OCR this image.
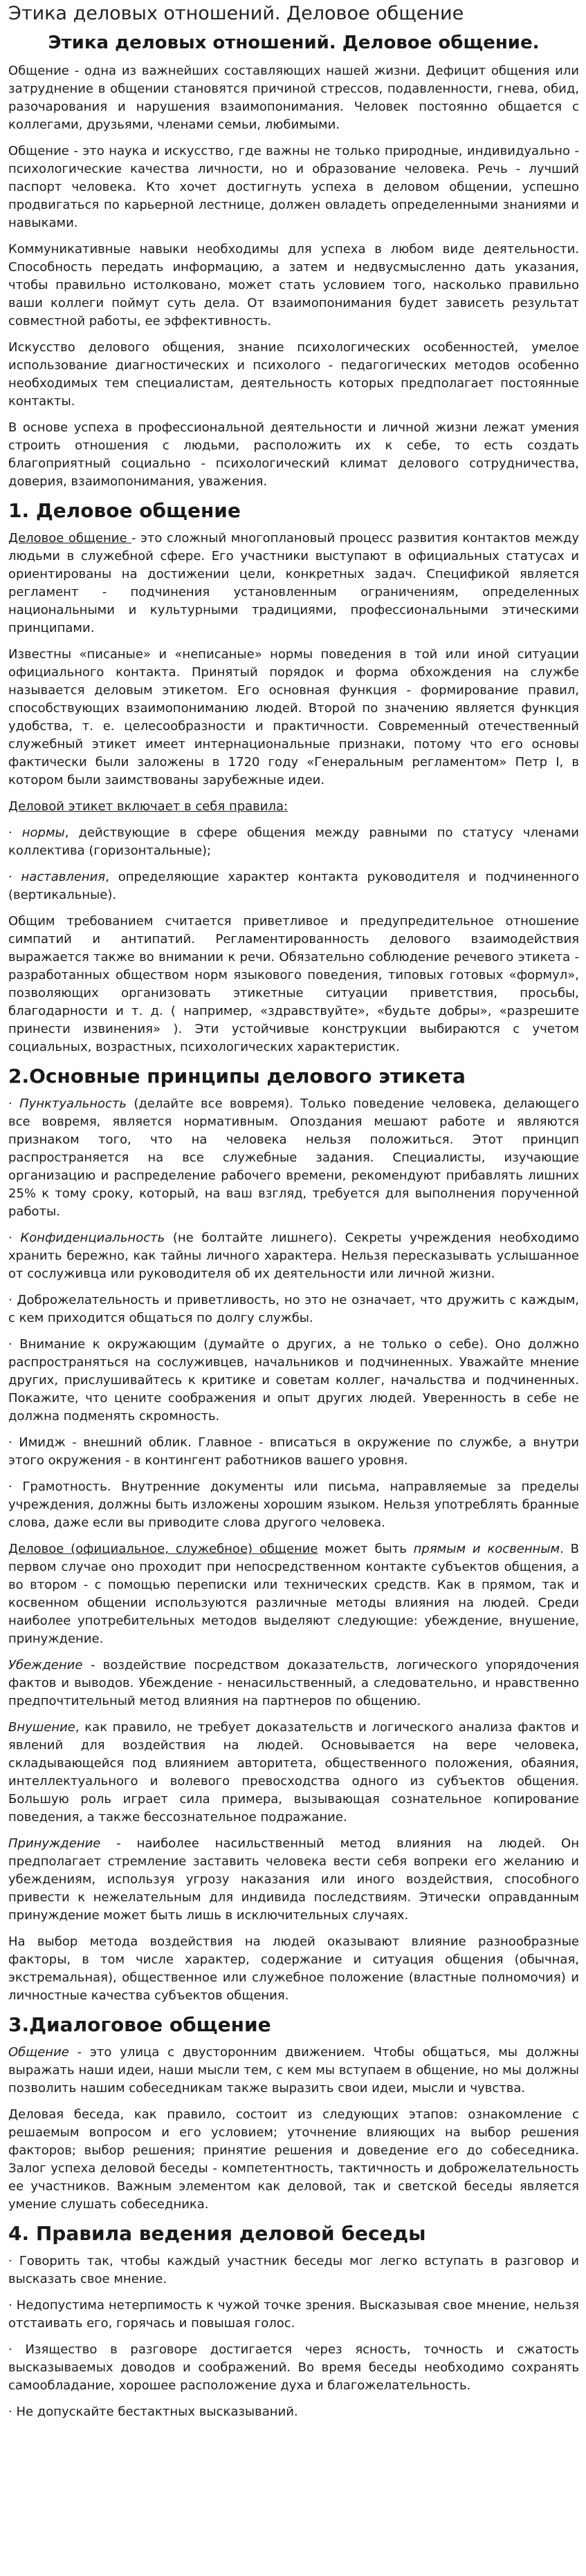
Этика деловых отношений. Деловое общение
Этика деловых отношений. Деловое общение.

Общение - одна из важнейших составляющих нашей жизни. Дефицит общения или затруднение в общении становятся причиной стрессов, подавленности, гнева, обид, разочарования и нарушения взаимопонимания. Человек постоянно общается с коллегами, друзьями, членами семьи, любимыми.

Общение - это наука и искусство, где важны не только природные, индивидуально - психологические качества личности, но и образование человека. Речь - лучший паспорт человека. Кто хочет достигнуть успеха в деловом общении, успешно продвигаться по карьерной лестнице, должен овладеть определенными знаниями и навыками.

Коммуникативные навыки необходимы для успеха в любом виде деятельности. Способность передать информацию, а затем и недвусмысленно дать указания, чтобы правильно истолковано, может стать условием того, насколько правильно ваши коллеги поймут суть дела. От взаимопонимания будет зависеть результат совместной работы, ее эффективность.

Искусство делового общения, знание психологических особенностей, умелое использование диагностических и психолого - педагогических методов особенно необходимых тем специалистам, деятельность которых предполагает постоянные контакты.

В основе успеха в профессиональной деятельности и личной жизни лежат умения строить отношения с людьми, расположить их к себе, то есть создать благоприятный социально - психологический климат делового сотрудничества, доверия, взаимопонимания, уважения.

1. Деловое общение

Деловое общение - это сложный многоплановый процесс развития контактов между людьми в служебной сфере. Его участники выступают в официальных статусах и ориентированы на достижении цели, конкретных задач. Спецификой является регламент - подчинения установленным ограничениям, определенных национальными и культурными традициями, профессиональными этическими принципами.

Известны «писаные» и «неписаные» нормы поведения в той или иной ситуации официального контакта. Принятый порядок и форма обхождения на службе называется деловым этикетом. Его основная функция - формирование правил, способствующих взаимопониманию людей. Второй по значению является функция удобства, т. е. целесообразности и практичности. Современный отечественный служебный этикет имеет интернациональные признаки, потому что его основы фактически были заложены в 1720 году «Генеральным регламентом» Петр I, в котором были заимствованы зарубежные идеи.

Деловой этикет включает в себя правила:

· нормы, действующие в сфере общения между равными по статусу членами коллектива (горизонтальные);

· наставления, определяющие характер контакта руководителя и подчиненного (вертикальные).

Общим требованием считается приветливое и предупредительное отношение симпатий и антипатий. Регламентированность делового взаимодействия выражается также во внимании к речи. Обязательно соблюдение речевого этикета - разработанных обществом норм языкового поведения, типовых готовых «формул», позволяющих организовать этикетные ситуации приветствия, просьбы, благодарности и т. д. ( например, «здравствуйте», «будьте добры», «разрешите принести извинения» ). Эти устойчивые конструкции выбираются с учетом социальных, возрастных, психологических характеристик.

2.Основные принципы делового этикета

· Пунктуальность (делайте все вовремя). Только поведение человека, делающего все вовремя, является нормативным. Опоздания мешают работе и являются признаком того, что на человека нельзя положиться. Этот принцип распространяется на все служебные задания. Специалисты, изучающие организацию и распределение рабочего времени, рекомендуют прибавлять лишних 25% к тому сроку, который, на ваш взгляд, требуется для выполнения порученной работы.

· Конфиденциальность (не болтайте лишнего). Секреты учреждения необходимо хранить бережно, как тайны личного характера. Нельзя пересказывать услышанное от сослуживца или руководителя об их деятельности или личной жизни.

· Доброжелательность и приветливость, но это не означает, что дружить с каждым, с кем приходится общаться по долгу службы.

· Внимание к окружающим (думайте о других, а не только о себе). Оно должно распространяться на сослуживцев, начальников и подчиненных. Уважайте мнение других, прислушивайтесь к критике и советам коллег, начальства и подчиненных. Покажите, что цените соображения и опыт других людей. Уверенность в себе не должна подменять скромность.

· Имидж - внешний облик. Главное - вписаться в окружение по службе, а внутри этого окружения - в контингент работников вашего уровня.

· Грамотность. Внутренние документы или письма, направляемые за пределы учреждения, должны быть изложены хорошим языком. Нельзя употреблять бранные слова, даже если вы приводите слова другого человека.

Деловое (официальное, служебное) общение может быть прямым и косвенным. В первом случае оно проходит при непосредственном контакте субъектов общения, а во втором - с помощью переписки или технических средств. Как в прямом, так и косвенном общении используются различные методы влияния на людей. Среди наиболее употребительных методов выделяют следующие: убеждение, внушение, принуждение.

Убеждение - воздействие посредством доказательств, логического упорядочения фактов и выводов. Убеждение - ненасильственный, а следовательно, и нравственно предпочтительный метод влияния на партнеров по общению.

Внушение, как правило, не требует доказательств и логического анализа фактов и явлений для воздействия на людей. Основывается на вере человека, складывающейся под влиянием авторитета, общественного положения, обаяния, интеллектуального и волевого превосходства одного из субъектов общения. Большую роль играет сила примера, вызывающая сознательное копирование поведения, а также бессознательное подражание.

Принуждение - наиболее насильственный метод влияния на людей. Он предполагает стремление заставить человека вести себя вопреки его желанию и убеждениям, используя угрозу наказания или иного воздействия, способного привести к нежелательным для индивида последствиям. Этически оправданным принуждение может быть лишь в исключительных случаях.

На выбор метода воздействия на людей оказывают влияние разнообразные факторы, в том числе характер, содержание и ситуация общения (обычная, экстремальная), общественное или служебное положение (властные полномочия) и личностные качества субъектов общения.

3.Диалоговое общение

Общение - это улица с двусторонним движением. Чтобы общаться, мы должны выражать наши идеи, наши мысли тем, с кем мы вступаем в общение, но мы должны позволить нашим собеседникам также выразить свои идеи, мысли и чувства.

Деловая беседа, как правило, состоит из следующих этапов: ознакомление с решаемым вопросом и его условием; уточнение влияющих на выбор решения факторов; выбор решения; принятие решения и доведение его до собеседника. Залог успеха деловой беседы - компетентность, тактичность и доброжелательность ее участников. Важным элементом как деловой, так и светской беседы является умение слушать собеседника.

4. Правила ведения деловой беседы

· Говорить так, чтобы каждый участник беседы мог легко вступать в разговор и высказать свое мнение.

· Недопустима нетерпимость к чужой точке зрения. Высказывая свое мнение, нельзя отстаивать его, горячась и повышая голос.

· Изящество в разговоре достигается через ясность, точность и сжатость высказываемых доводов и соображений. Во время беседы необходимо сохранять самообладание, хорошее расположение духа и благожелательность.

· Не допускайте бестактных высказываний.
